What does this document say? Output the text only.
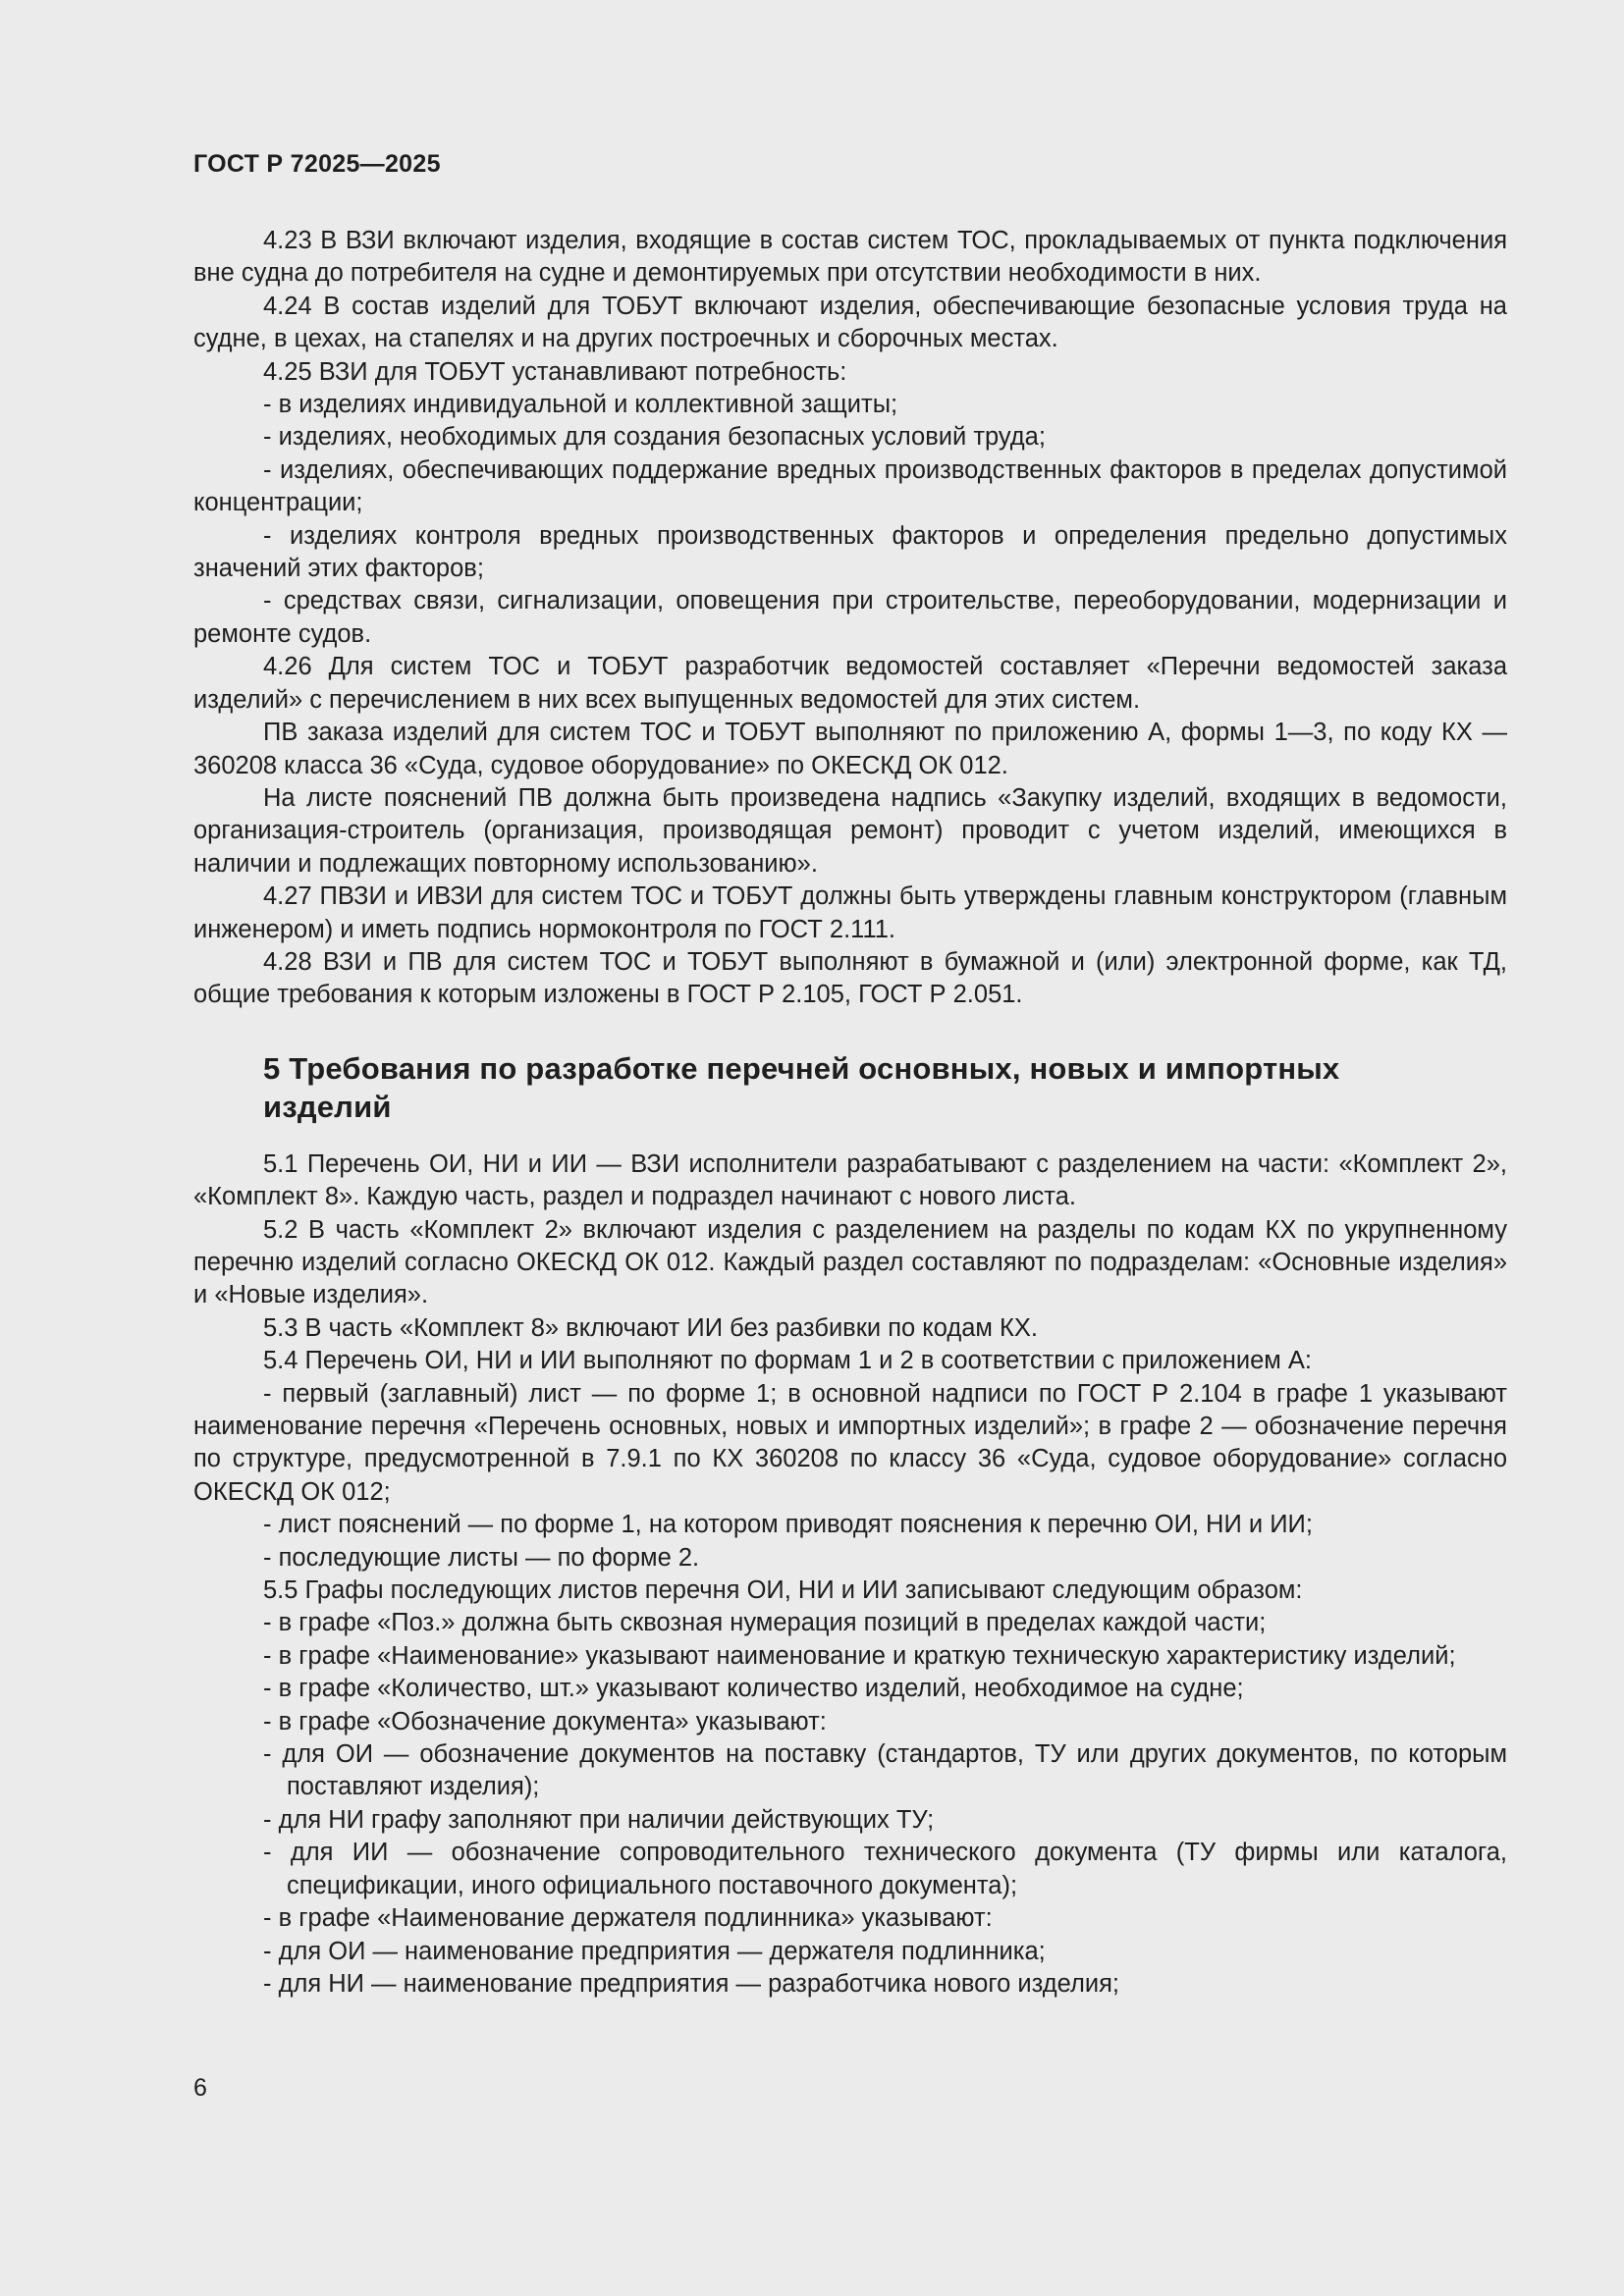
ГОСТ Р 72025—2025

4.23 В ВЗИ включают изделия, входящие в состав систем ТОС, прокладываемых от пункта подключения вне судна до потребителя на судне и демонтируемых при отсутствии необходимости в них.

4.24 В состав изделий для ТОБУТ включают изделия, обеспечивающие безопасные условия труда на судне, в цехах, на стапелях и на других построечных и сборочных местах.

4.25 ВЗИ для ТОБУТ устанавливают потребность:

- в изделиях индивидуальной и коллективной защиты;

- изделиях, необходимых для создания безопасных условий труда;

- изделиях, обеспечивающих поддержание вредных производственных факторов в пределах допустимой концентрации;

- изделиях контроля вредных производственных факторов и определения предельно допустимых значений этих факторов;

- средствах связи, сигнализации, оповещения при строительстве, переоборудовании, модернизации и ремонте судов.

4.26 Для систем ТОС и ТОБУТ разработчик ведомостей составляет «Перечни ведомостей заказа изделий» с перечислением в них всех выпущенных ведомостей для этих систем.

ПВ заказа изделий для систем ТОС и ТОБУТ выполняют по приложению А, формы 1—3, по коду КХ — 360208 класса 36 «Суда, судовое оборудование» по ОКЕСКД ОК 012.

На листе пояснений ПВ должна быть произведена надпись «Закупку изделий, входящих в ведомости, организация-строитель (организация, производящая ремонт) проводит с учетом изделий, имеющихся в наличии и подлежащих повторному использованию».

4.27 ПВЗИ и ИВЗИ для систем ТОС и ТОБУТ должны быть утверждены главным конструктором (главным инженером) и иметь подпись нормоконтроля по ГОСТ 2.111.

4.28 ВЗИ и ПВ для систем ТОС и ТОБУТ выполняют в бумажной и (или) электронной форме, как ТД, общие требования к которым изложены в ГОСТ Р 2.105, ГОСТ Р 2.051.

5 Требования по разработке перечней основных, новых и импортных
изделий

5.1 Перечень ОИ, НИ и ИИ — ВЗИ исполнители разрабатывают с разделением на части: «Комплект 2», «Комплект 8». Каждую часть, раздел и подраздел начинают с нового листа.

5.2 В часть «Комплект 2» включают изделия с разделением на разделы по кодам КХ по укрупненному перечню изделий согласно ОКЕСКД ОК 012. Каждый раздел составляют по подразделам: «Основные изделия» и «Новые изделия».

5.3 В часть «Комплект 8» включают ИИ без разбивки по кодам КХ.

5.4 Перечень ОИ, НИ и ИИ выполняют по формам 1 и 2 в соответствии с приложением А:

- первый (заглавный) лист — по форме 1; в основной надписи по ГОСТ Р 2.104 в графе 1 указывают наименование перечня «Перечень основных, новых и импортных изделий»; в графе 2 — обозначение перечня по структуре, предусмотренной в 7.9.1 по КХ 360208 по классу 36 «Суда, судовое оборудование» согласно ОКЕСКД ОК 012;

- лист пояснений — по форме 1, на котором приводят пояснения к перечню ОИ, НИ и ИИ;

- последующие листы — по форме 2.

5.5 Графы последующих листов перечня ОИ, НИ и ИИ записывают следующим образом:

- в графе «Поз.» должна быть сквозная нумерация позиций в пределах каждой части;

- в графе «Наименование» указывают наименование и краткую техническую характеристику изделий;

- в графе «Количество, шт.» указывают количество изделий, необходимое на судне;

- в графе «Обозначение документа» указывают:

- для ОИ — обозначение документов на поставку (стандартов, ТУ или других документов, по которым поставляют изделия);

- для НИ графу заполняют при наличии действующих ТУ;

- для ИИ — обозначение сопроводительного технического документа (ТУ фирмы или каталога, спецификации, иного официального поставочного документа);

- в графе «Наименование держателя подлинника» указывают:

- для ОИ — наименование предприятия — держателя подлинника;

- для НИ — наименование предприятия — разработчика нового изделия;

6
